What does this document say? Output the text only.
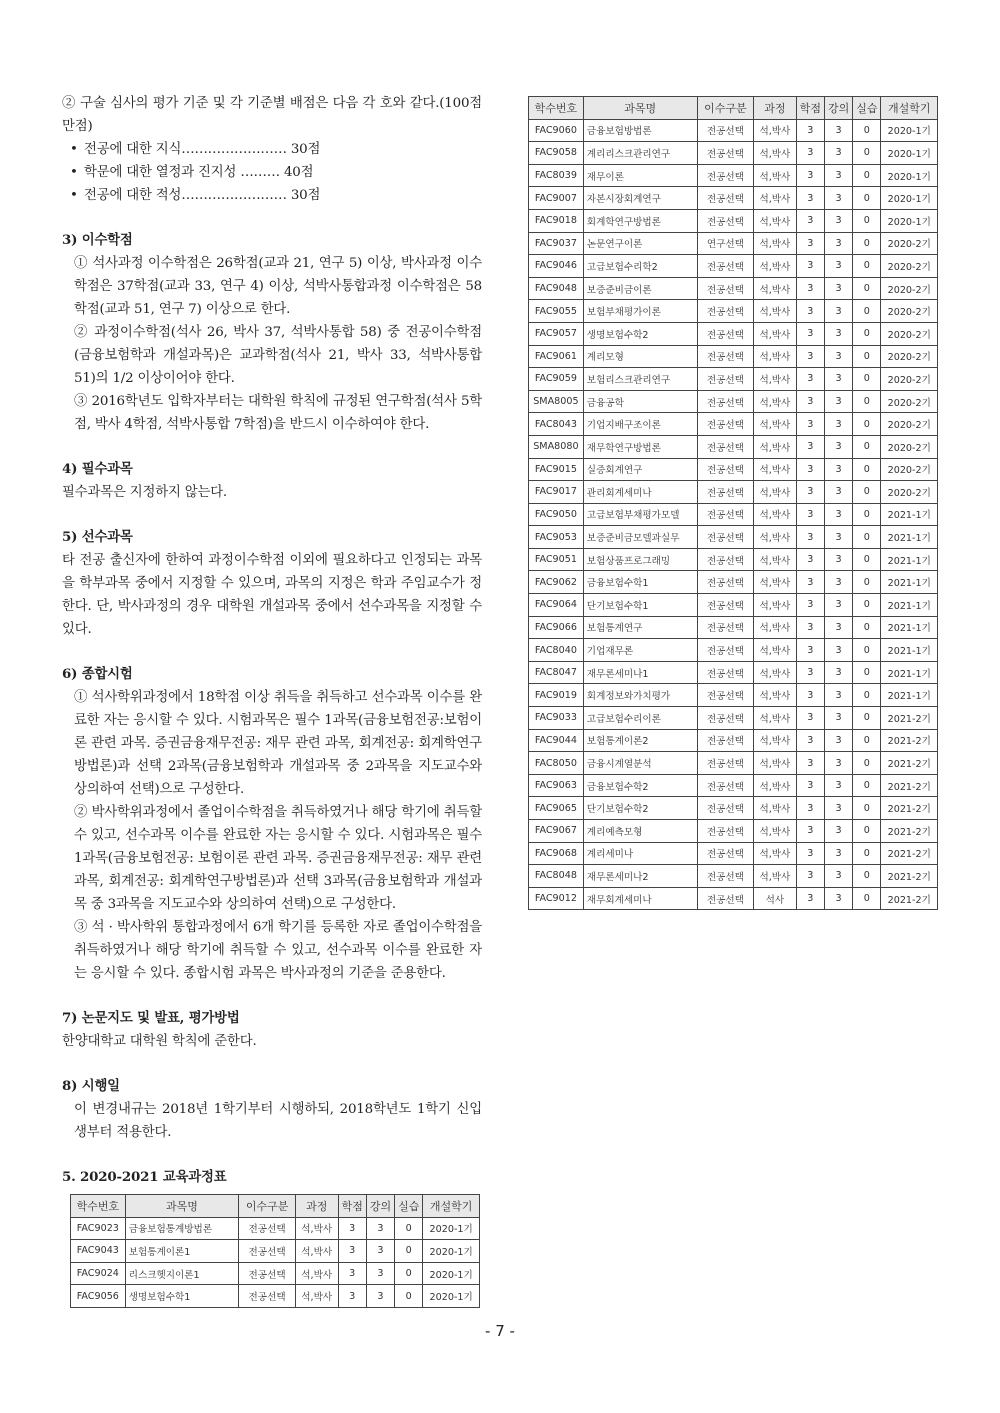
② 구술 심사의 평가 기준 및 각 기준별 배점은 다음 각 호와 같다.(100점 만점)

• 전공에 대한 지식…………………… 30점
• 학문에 대한 열정과 진지성 ……… 40점
• 전공에 대한 적성…………………… 30점

3) 이수학점

① 석사과정 이수학점은 26학점(교과 21, 연구 5) 이상, 박사과정 이수학점은 37학점(교과 33, 연구 4) 이상, 석박사통합과정 이수학점은 58학점(교과 51, 연구 7) 이상으로 한다.

② 과정이수학점(석사 26, 박사 37, 석박사통합 58) 중 전공이수학점(금융보험학과 개설과목)은 교과학점(석사 21, 박사 33, 석박사통합 51)의 1/2 이상이어야 한다.

③ 2016학년도 입학자부터는 대학원 학칙에 규정된 연구학점(석사 5학점, 박사 4학점, 석박사통합 7학점)을 반드시 이수하여야 한다.

4) 필수과목

필수과목은 지정하지 않는다.

5) 선수과목

타 전공 출신자에 한하여 과정이수학점 이외에 필요하다고 인정되는 과목을 학부과목 중에서 지정할 수 있으며, 과목의 지정은 학과 주임교수가 정한다. 단, 박사과정의 경우 대학원 개설과목 중에서 선수과목을 지정할 수 있다.

6) 종합시험

① 석사학위과정에서 18학점 이상 취득을 취득하고 선수과목 이수를 완료한 자는 응시할 수 있다. 시험과목은 필수 1과목(금융보험전공:보험이론 관련 과목. 증권금융재무전공: 재무 관련 과목, 회계전공: 회계학연구방법론)과 선택 2과목(금융보험학과 개설과목 중 2과목을 지도교수와 상의하여 선택)으로 구성한다.

② 박사학위과정에서 졸업이수학점을 취득하였거나 해당 학기에 취득할 수 있고, 선수과목 이수를 완료한 자는 응시할 수 있다. 시험과목은 필수 1과목(금융보험전공: 보험이론 관련 과목. 증권금융재무전공: 재무 관련 과목, 회계전공: 회계학연구방법론)과 선택 3과목(금융보험학과 개설과목 중 3과목을 지도교수와 상의하여 선택)으로 구성한다.

③ 석 · 박사학위 통합과정에서 6개 학기를 등록한 자로 졸업이수학점을 취득하였거나 해당 학기에 취득할 수 있고, 선수과목 이수를 완료한 자는 응시할 수 있다. 종합시험 과목은 박사과정의 기준을 준용한다.

7) 논문지도 및 발표, 평가방법

한양대학교 대학원 학칙에 준한다.

8) 시행일

이 변경내규는 2018년 1학기부터 시행하되, 2018학년도 1학기 신입생부터 적용한다.

5. 2020-2021 교육과정표

학수번호	과목명	이수구분	과정	학점	강의	실습	개설학기
FAC9023	금융보험통계방법론	전공선택	석,박사	3	3	0	2020-1기
FAC9043	보험통계이론1	전공선택	석,박사	3	3	0	2020-1기
FAC9024	리스크헷지이론1	전공선택	석,박사	3	3	0	2020-1기
FAC9056	생명보험수학1	전공선택	석,박사	3	3	0	2020-1기
학수번호	과목명	이수구분	과정	학점	강의	실습	개설학기
FAC9060	금융보험방법론	전공선택	석,박사	3	3	0	2020-1기
FAC9058	계리리스크관리연구	전공선택	석,박사	3	3	0	2020-1기
FAC8039	재무이론	전공선택	석,박사	3	3	0	2020-1기
FAC9007	자본시장회계연구	전공선택	석,박사	3	3	0	2020-1기
FAC9018	회계학연구방법론	전공선택	석,박사	3	3	0	2020-1기
FAC9037	논문연구이론	연구선택	석,박사	3	3	0	2020-2기
FAC9046	고급보험수리학2	전공선택	석,박사	3	3	0	2020-2기
FAC9048	보증준비금이론	전공선택	석,박사	3	3	0	2020-2기
FAC9055	보험부채평가이론	전공선택	석,박사	3	3	0	2020-2기
FAC9057	생명보험수학2	전공선택	석,박사	3	3	0	2020-2기
FAC9061	계리모형	전공선택	석,박사	3	3	0	2020-2기
FAC9059	보험리스크관리연구	전공선택	석,박사	3	3	0	2020-2기
SMA8005	금융공학	전공선택	석,박사	3	3	0	2020-2기
FAC8043	기업지배구조이론	전공선택	석,박사	3	3	0	2020-2기
SMA8080	재무학연구방법론	전공선택	석,박사	3	3	0	2020-2기
FAC9015	실증회계연구	전공선택	석,박사	3	3	0	2020-2기
FAC9017	관리회계세미나	전공선택	석,박사	3	3	0	2020-2기
FAC9050	고급보험부채평가모델	전공선택	석,박사	3	3	0	2021-1기
FAC9053	보증준비금모델과실무	전공선택	석,박사	3	3	0	2021-1기
FAC9051	보험상품프로그래밍	전공선택	석,박사	3	3	0	2021-1기
FAC9062	금융보험수학1	전공선택	석,박사	3	3	0	2021-1기
FAC9064	단기보험수학1	전공선택	석,박사	3	3	0	2021-1기
FAC9066	보험통계연구	전공선택	석,박사	3	3	0	2021-1기
FAC8040	기업재무론	전공선택	석,박사	3	3	0	2021-1기
FAC8047	재무론세미나1	전공선택	석,박사	3	3	0	2021-1기
FAC9019	회계정보와가치평가	전공선택	석,박사	3	3	0	2021-1기
FAC9033	고급보험수리이론	전공선택	석,박사	3	3	0	2021-2기
FAC9044	보험통계이론2	전공선택	석,박사	3	3	0	2021-2기
FAC8050	금융시계열분석	전공선택	석,박사	3	3	0	2021-2기
FAC9063	금융보험수학2	전공선택	석,박사	3	3	0	2021-2기
FAC9065	단기보험수학2	전공선택	석,박사	3	3	0	2021-2기
FAC9067	계리예측모형	전공선택	석,박사	3	3	0	2021-2기
FAC9068	계리세미나	전공선택	석,박사	3	3	0	2021-2기
FAC8048	재무론세미나2	전공선택	석,박사	3	3	0	2021-2기
FAC9012	재무회계세미나	전공선택	석사	3	3	0	2021-2기
- 7 -
